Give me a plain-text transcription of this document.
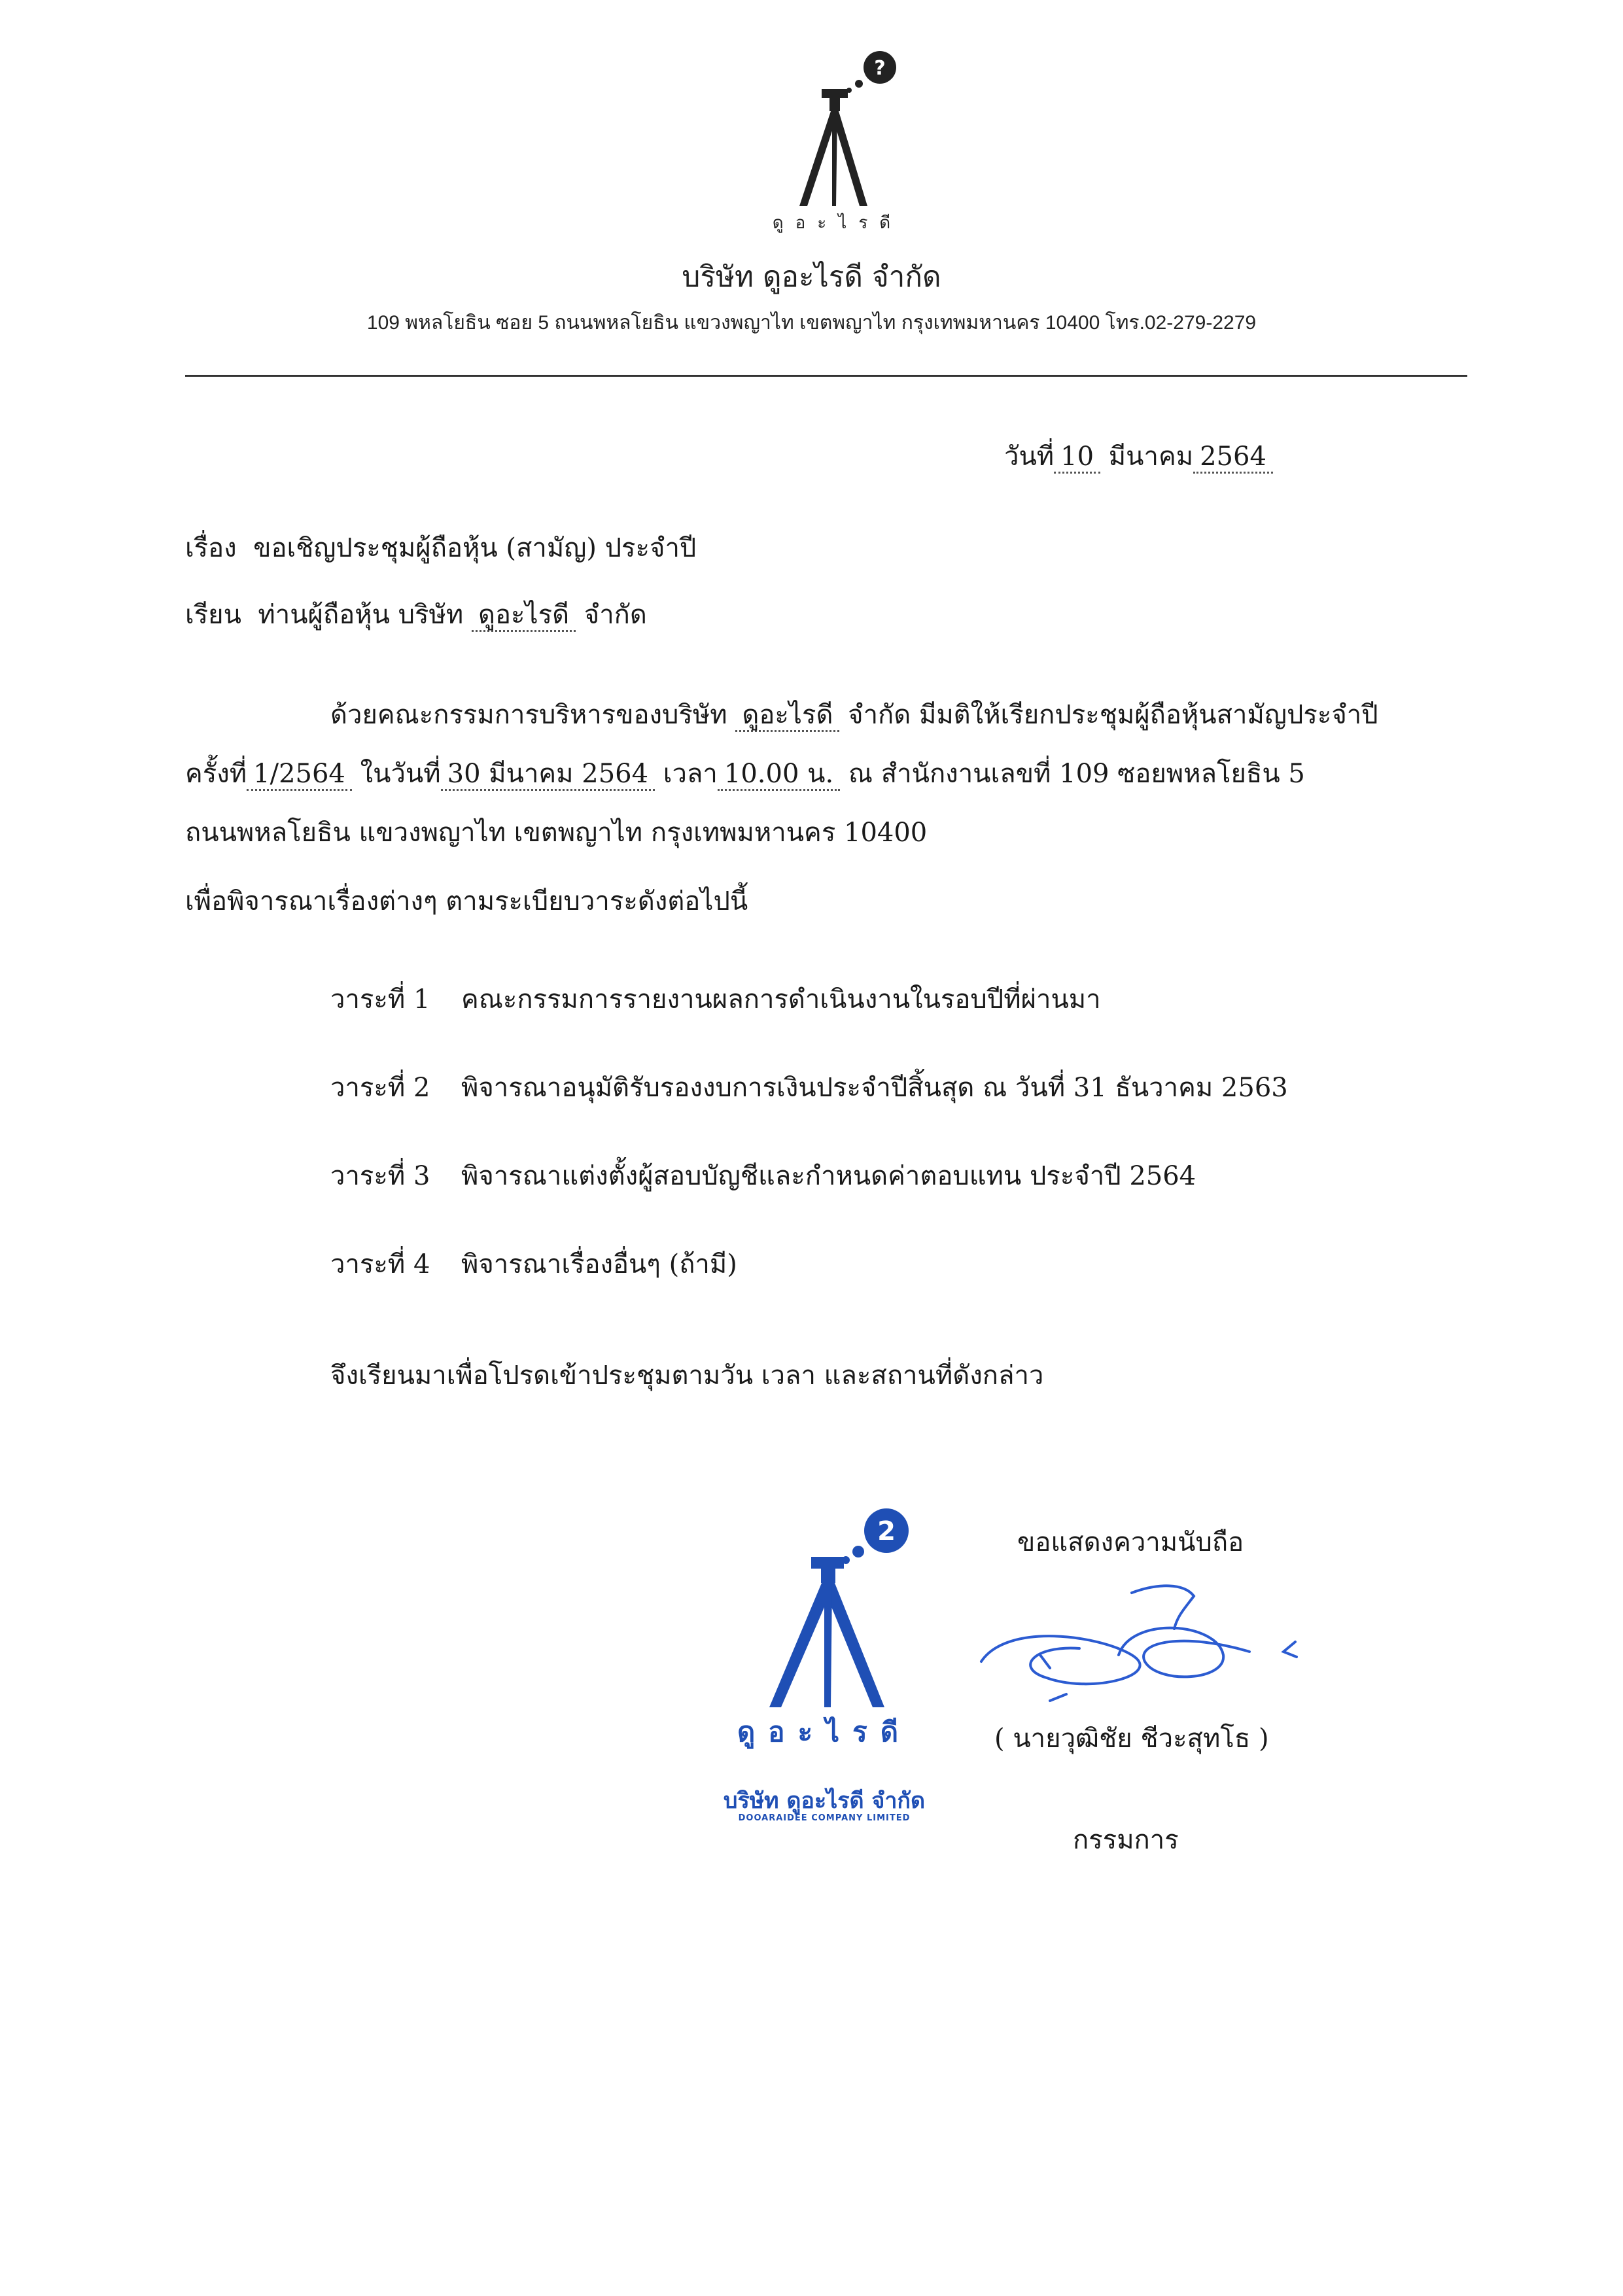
?
ดูอะไรดี
บริษัท ดูอะไรดี จำกัด
109 พหลโยธิน ซอย 5 ถนนพหลโยธิน แขวงพญาไท เขตพญาไท กรุงเทพมหานคร 10400 โทร.02-279-2279
วันที่ 10 มีนาคม 2564
เรื่อง ขอเชิญประชุมผู้ถือหุ้น (สามัญ) ประจำปี
เรียน ท่านผู้ถือหุ้น บริษัท ดูอะไรดี จำกัด
ด้วยคณะกรรมการบริหารของบริษัท ดูอะไรดี จำกัด มีมติให้เรียกประชุมผู้ถือหุ้นสามัญประจำปี
ครั้งที่ 1/2564 ในวันที่ 30 มีนาคม 2564 เวลา 10.00 น. ณ สำนักงานเลขที่ 109 ซอยพหลโยธิน 5
ถนนพหลโยธิน แขวงพญาไท เขตพญาไท กรุงเทพมหานคร 10400
เพื่อพิจารณาเรื่องต่างๆ ตามระเบียบวาระดังต่อไปนี้
วาระที่ 1 คณะกรรมการรายงานผลการดำเนินงานในรอบปีที่ผ่านมา
วาระที่ 2 พิจารณาอนุมัติรับรองงบการเงินประจำปีสิ้นสุด ณ วันที่ 31 ธันวาคม 2563
วาระที่ 3 พิจารณาแต่งตั้งผู้สอบบัญชีและกำหนดค่าตอบแทน ประจำปี 2564
วาระที่ 4 พิจารณาเรื่องอื่นๆ (ถ้ามี)
จึงเรียนมาเพื่อโปรดเข้าประชุมตามวัน เวลา และสถานที่ดังกล่าว
2
ดูอะไรดี
บริษัท ดูอะไรดี จำกัด
DOOARAIDEE COMPANY LIMITED
ขอแสดงความนับถือ
( นายวุฒิชัย ชีวะสุทโธ )
กรรมการ
